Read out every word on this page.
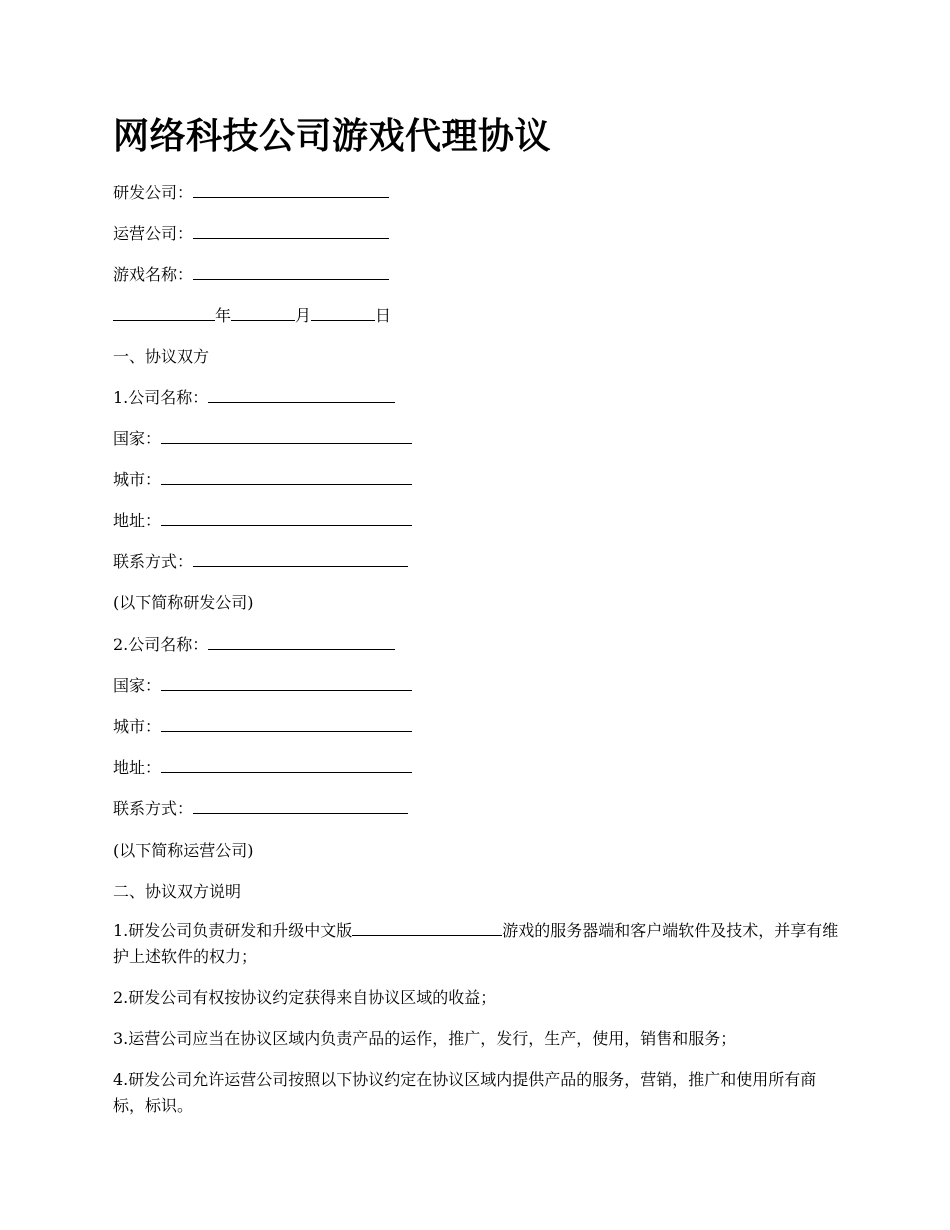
网络科技公司游戏代理协议

研发公司：

运营公司：

游戏名称：

年	月	日

一、协议双方

1.公司名称：

国家：

城市：

地址：

联系方式：

(以下简称研发公司)

2.公司名称：

国家：

城市：

地址：

联系方式：

(以下简称运营公司)

二、协议双方说明

1.研发公司负责研发和升级中文版	游戏的服务器端和客户端软件及技术，并享有维护上述软件的权力；

2.研发公司有权按协议约定获得来自协议区域的收益；

3.运营公司应当在协议区域内负责产品的运作，推广，发行，生产，使用，销售和服务；

4.研发公司允许运营公司按照以下协议约定在协议区域内提供产品的服务，营销，推广和使用所有商标，标识。
